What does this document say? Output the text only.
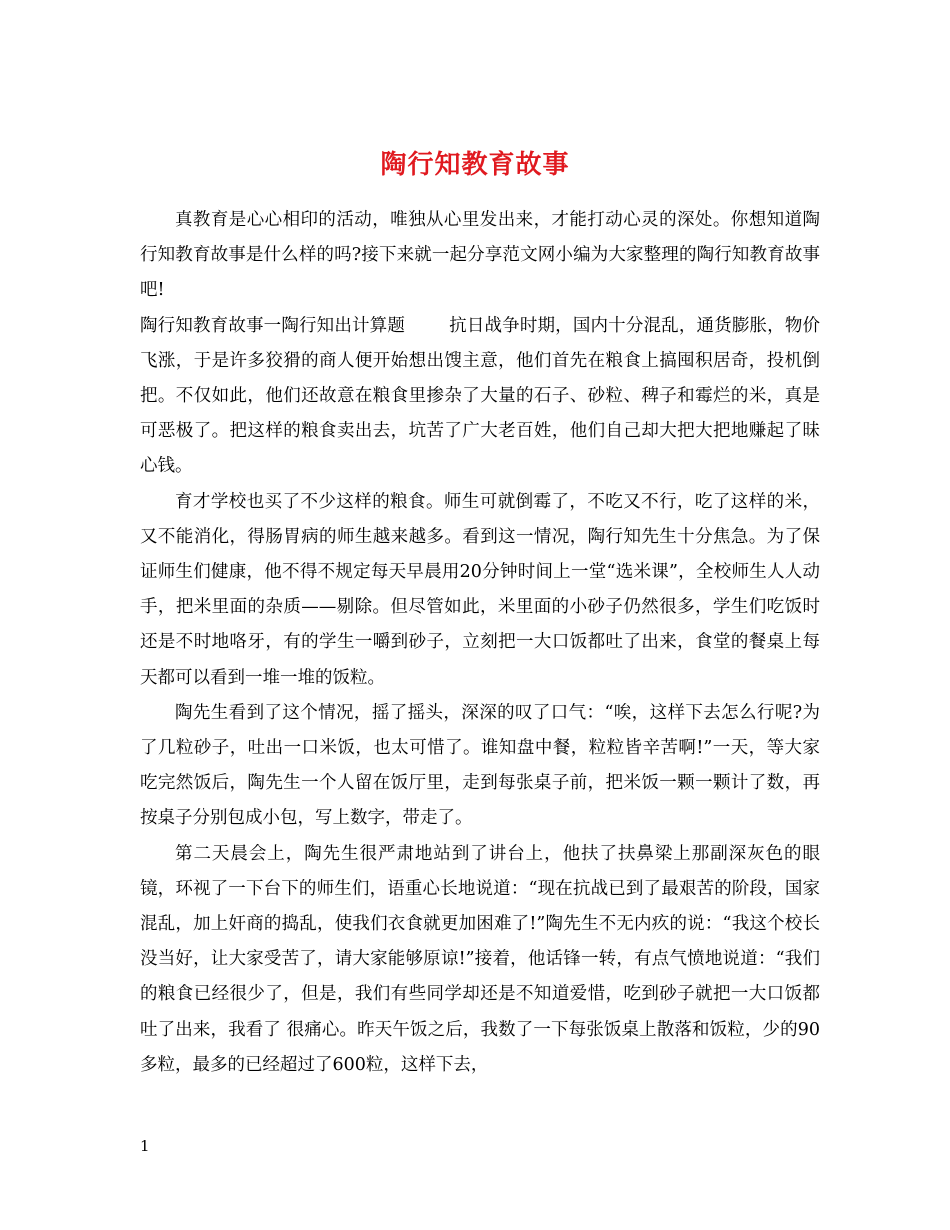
陶行知教育故事

真教育是心心相印的活动，唯独从心里发出来，才能打动心灵的深处。你想知道陶行知教育故事是什么样的吗?接下来就一起分享范文网小编为大家整理的陶行知教育故事吧!

陶行知教育故事一陶行知出计算题	抗日战争时期，国内十分混乱，通货膨胀，物价飞涨，于是许多狡猾的商人便开始想出馊主意，他们首先在粮食上搞囤积居奇，投机倒把。不仅如此，他们还故意在粮食里掺杂了大量的石子、砂粒、稗子和霉烂的米，真是可恶极了。把这样的粮食卖出去，坑苦了广大老百姓，他们自己却大把大把地赚起了昧心钱。

育才学校也买了不少这样的粮食。师生可就倒霉了，不吃又不行，吃了这样的米，又不能消化，得肠胃病的师生越来越多。看到这一情况，陶行知先生十分焦急。为了保证师生们健康，他不得不规定每天早晨用20分钟时间上一堂“选米课”，全校师生人人动手，把米里面的杂质——剔除。但尽管如此，米里面的小砂子仍然很多，学生们吃饭时还是不时地咯牙，有的学生一嚼到砂子，立刻把一大口饭都吐了出来，食堂的餐桌上每天都可以看到一堆一堆的饭粒。

陶先生看到了这个情况，摇了摇头，深深的叹了口气：“唉，这样下去怎么行呢?为了几粒砂子，吐出一口米饭，也太可惜了。谁知盘中餐，粒粒皆辛苦啊!”一天，等大家吃完然饭后，陶先生一个人留在饭厅里，走到每张桌子前，把米饭一颗一颗计了数，再按桌子分别包成小包，写上数字，带走了。

第二天晨会上，陶先生很严肃地站到了讲台上，他扶了扶鼻梁上那副深灰色的眼镜，环视了一下台下的师生们，语重心长地说道：“现在抗战已到了最艰苦的阶段，国家混乱，加上奸商的捣乱，使我们衣食就更加困难了!”陶先生不无内疚的说：“我这个校长没当好，让大家受苦了，请大家能够原谅!”接着，他话锋一转，有点气愤地说道：“我们的粮食已经很少了，但是，我们有些同学却还是不知道爱惜，吃到砂子就把一大口饭都吐了出来，我看了 很痛心。昨天午饭之后，我数了一下每张饭桌上散落和饭粒，少的90多粒，最多的已经超过了600粒，这样下去，

1
